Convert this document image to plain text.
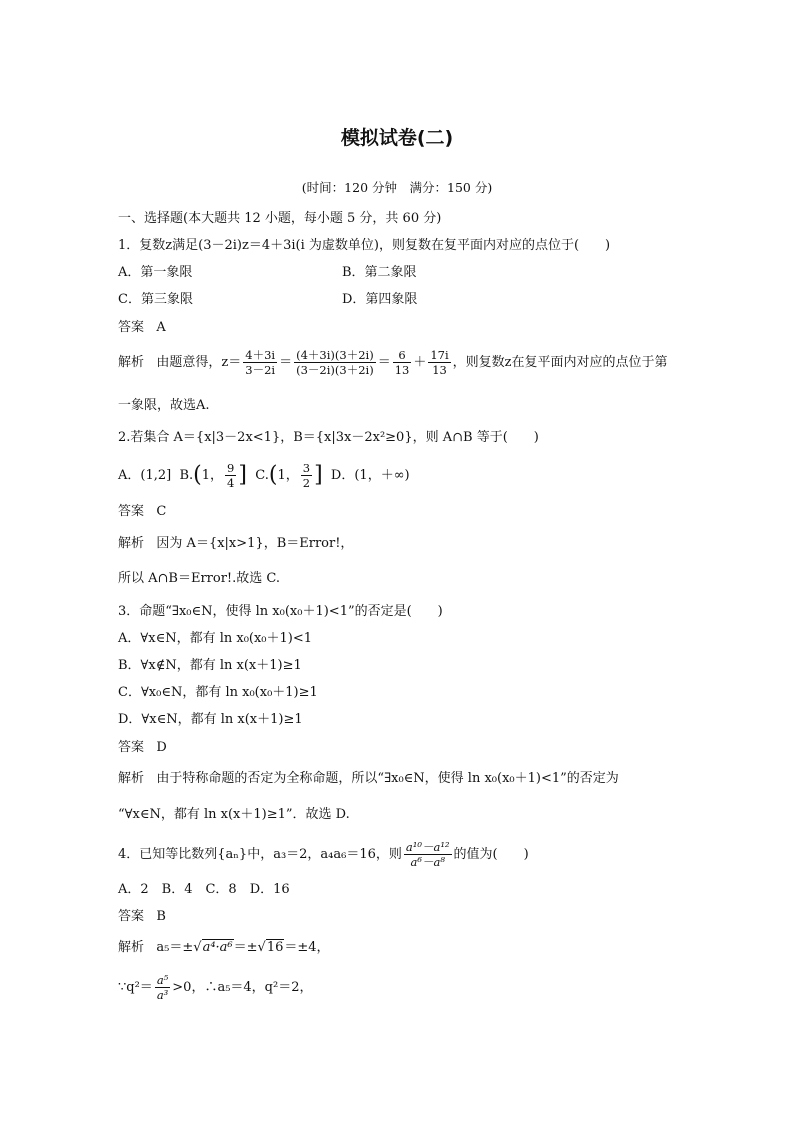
模拟试卷(二)
(时间：120 分钟　满分：150 分)
一、选择题(本大题共 12 小题，每小题 5 分，共 60 分)
1．复数z满足(3－2i)z＝4＋3i(i 为虚数单位)，则复数在复平面内对应的点位于(　　)
A．第一象限	B．第二象限
C．第三象限	D．第四象限
答案 A
解析 由题意得，$z= \frac{4+3i}{3-2i} = \frac{(4+3i)(3+2i)}{(3-2i)(3+2i)} = \frac{6}{13} + \frac{17i}{13}$ ，则复数z在复平面内对应的点位于第
一象限，故选A.
2.若集合 A＝{x|3－2x<1}，B＝{x|3x－2x²≥0}，则 A∩B 等于(　　)
A．(1,2] B.(1， $\frac{9}{4}$ ] C.(1， $\frac{3}{2}$ ] D．(1，＋∞)
答案 C
解析 因为 A＝{x|x>1}，B＝Error!，
所以 A∩B＝Error!.故选 C.
3．命题“∃x₀∈N，使得 ln x₀(x₀＋1)<1”的否定是(　　)
A．∀x∈N，都有 ln x₀(x₀＋1)<1
B．∀x∉N，都有 ln x(x＋1)≥1
C．∀x₀∈N，都有 ln x₀(x₀＋1)≥1
D．∀x∈N，都有 ln x(x＋1)≥1
答案 D
解析 由于特称命题的否定为全称命题，所以“∃x₀∈N，使得 ln x₀(x₀＋1)<1”的否定为
“∀x∈N，都有 ln x(x＋1)≥1”．故选 D.
4．已知等比数列{aₙ}中，a₃＝2，a₄a₆＝16，则 $\frac{\text{a¹⁰－a¹²}}{\text{a⁶－a⁸}}$ 的值为(　　)
A．2　B．4　C．8　D．16
答案 B
解析 a₅＝±√a⁴·a⁶＝±√16＝±4，
∵q²＝ $\frac{\text{a⁵}}{\text{a³}} >0$，∴a₅＝4，q²＝2，
